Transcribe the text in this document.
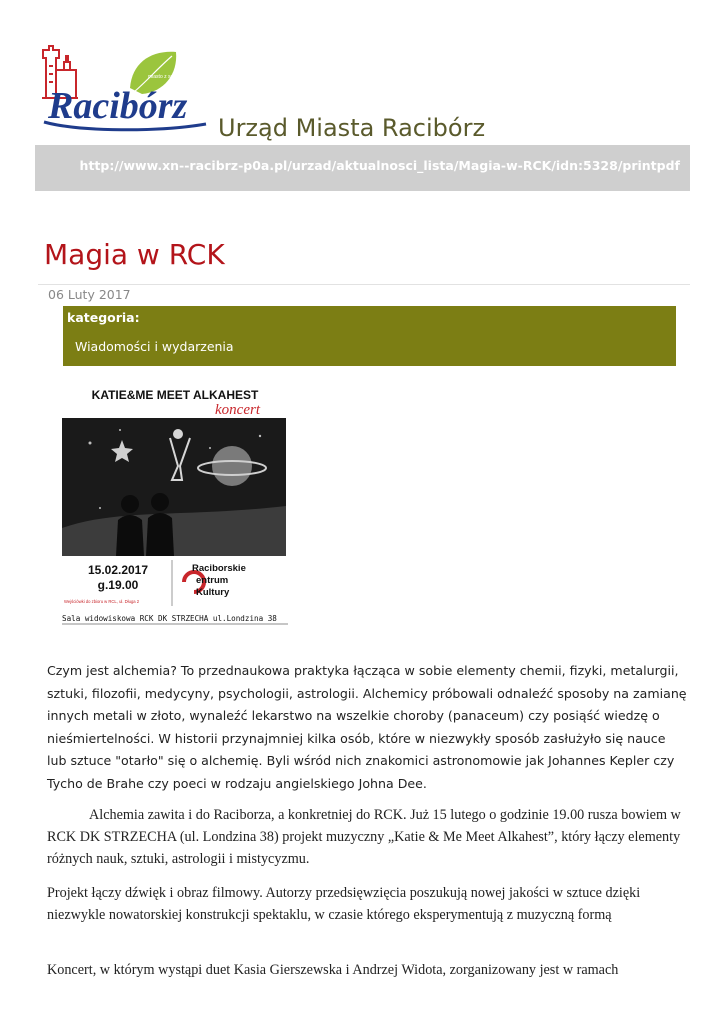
miasto z sercem
Racibórz
Urząd Miasta Racibórz
http://www.xn--racibrz-p0a.pl/urzad/aktualnosci_lista/Magia-w-RCK/idn:5328/printpdf
Magia w RCK
06 Luty 2017
kategoria:
Wiadomości i wydarzenia
KATIE&ME MEET ALKAHEST
koncert
15.02.2017
g.19.00
Wejściówki do zbioru w RCL, ul. Długa 2
Raciborskie
entrum
Kultury
Sala widowiskowa RCK DK STRZECHA ul.Londzina 38

Czym jest alchemia? To przednaukowa praktyka łącząca w sobie elementy chemii, fizyki, metalurgii, sztuki, filozofii, medycyny, psychologii, astrologii. Alchemicy próbowali odnaleźć sposoby na zamianę innych metali w złoto, wynaleźć lekarstwo na wszelkie choroby (panaceum) czy posiąść wiedzę o nieśmiertelności. W historii przynajmniej kilka osób, które w niezwykły sposób zasłużyło się nauce lub sztuce "otarło" się o alchemię. Byli wśród nich znakomici astronomowie jak Johannes Kepler czy Tycho de Brahe czy poeci w rodzaju angielskiego Johna Dee.

Alchemia zawita i do Raciborza, a konkretniej do RCK. Już 15 lutego o godzinie 19.00 rusza bowiem w RCK DK STRZECHA (ul. Londzina 38) projekt muzyczny „Katie & Me Meet Alkahest”, który łączy elementy różnych nauk, sztuki, astrologii i mistycyzmu.

Projekt łączy dźwięk i obraz filmowy. Autorzy przedsięwzięcia poszukują nowej jakości w sztuce dzięki niezwykle nowatorskiej konstrukcji spektaklu, w czasie którego eksperymentują z muzyczną formą

Koncert, w którym wystąpi duet Kasia Gierszewska i Andrzej Widota, zorganizowany jest w ramach
